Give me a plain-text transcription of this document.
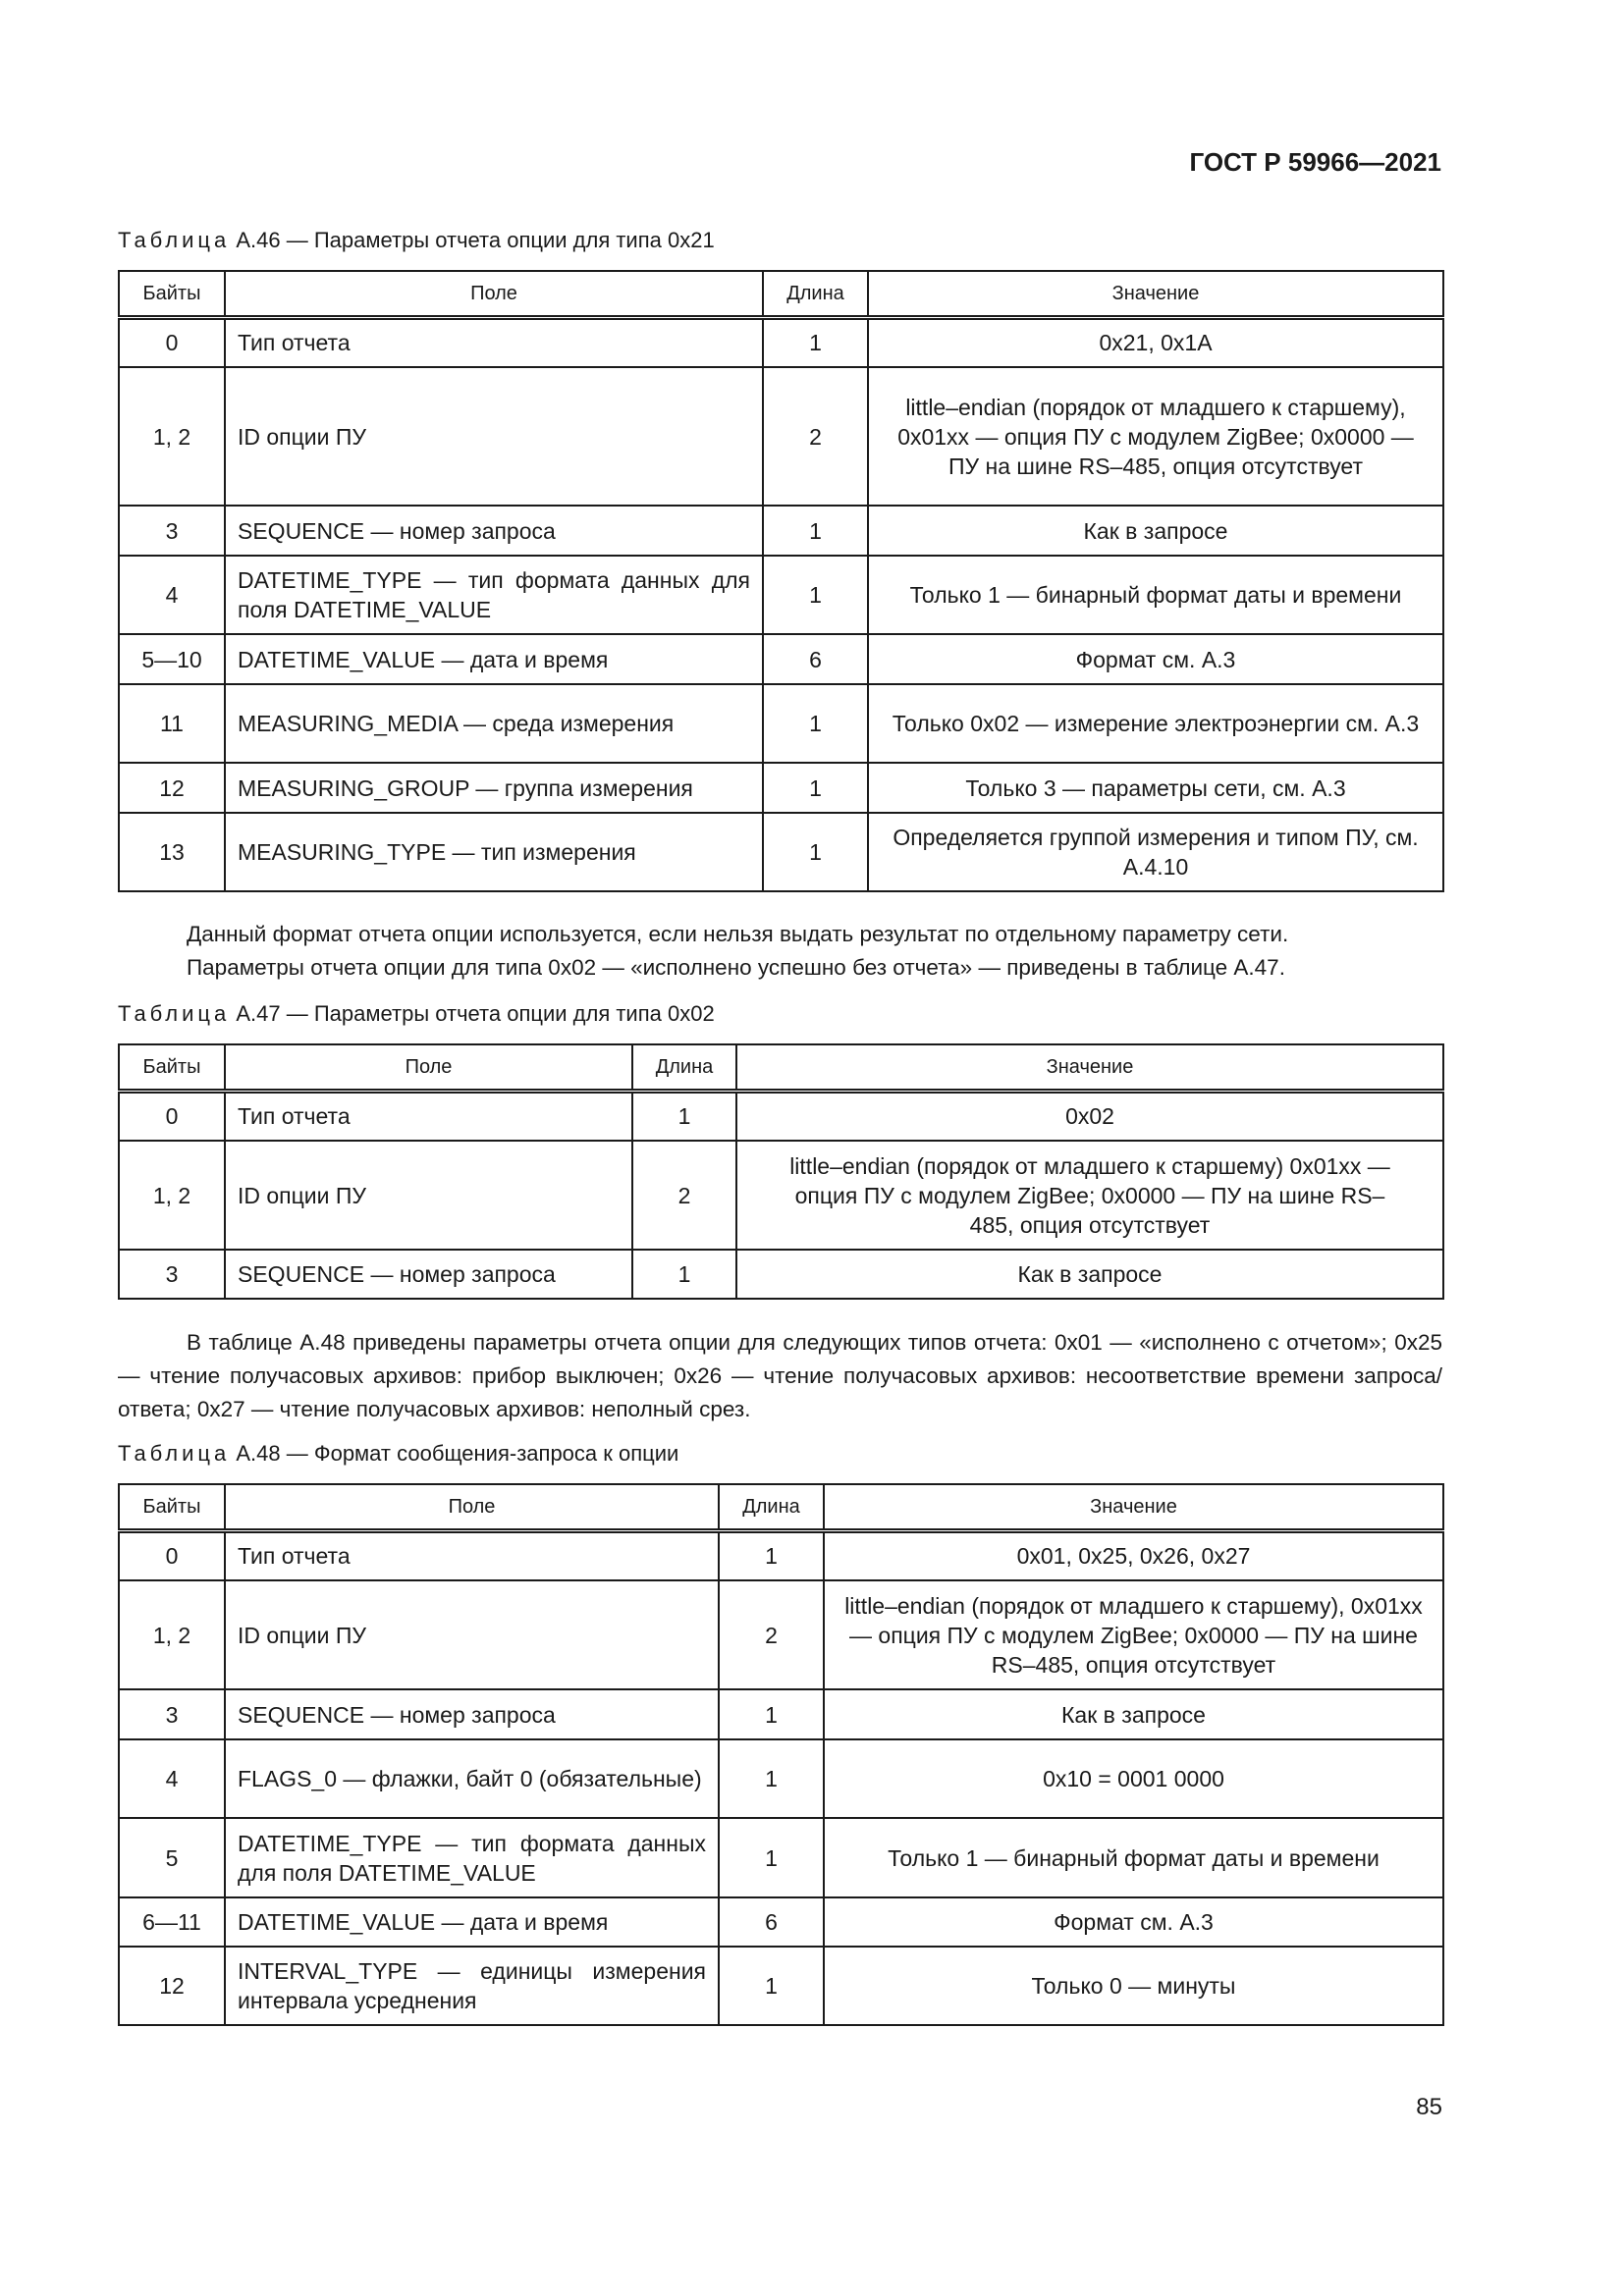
ГОСТ Р 59966—2021
Таблица А.46 — Параметры отчета опции для типа 0x21
Байты	Поле	Длина	Значение
0	Тип отчета	1	0x21, 0x1A
1, 2	ID опции ПУ	2	little–endian (порядок от младшего к старшему), 0x01xx — опция ПУ с модулем ZigBee; 0x0000 — ПУ на шине RS–485, опция отсутствует
3	SEQUENCE — номер запроса	1	Как в запросе
4	DATETIME_TYPE — тип формата данных для поля DATETIME_VALUE	1	Только 1 — бинарный формат даты и времени
5—10	DATETIME_VALUE — дата и время	6	Формат см. А.3
11	MEASURING_MEDIA — среда измерения	1	Только 0x02 — измерение электроэнергии см. А.3
12	MEASURING_GROUP — группа измерения	1	Только 3 — параметры сети, см. А.3
13	MEASURING_TYPE — тип измерения	1	Определяется группой измерения и типом ПУ, см. А.4.10

Данный формат отчета опции используется, если нельзя выдать результат по отдельному параметру сети.

Параметры отчета опции для типа 0x02 — «исполнено успешно без отчета» — приведены в таблице А.47.

Таблица А.47 — Параметры отчета опции для типа 0x02
Байты	Поле	Длина	Значение
0	Тип отчета	1	0x02
1, 2	ID опции ПУ	2	little–endian (порядок от младшего к старшему) 0x01xx — опция ПУ с модулем ZigBee; 0x0000 — ПУ на шине RS–485, опция отсутствует
3	SEQUENCE — номер запроса	1	Как в запросе

В таблице А.48 приведены параметры отчета опции для следующих типов отчета: 0x01 — «исполнено с отчетом»; 0x25 — чтение получасовых архивов: прибор выключен; 0x26 — чтение получасовых архивов: несоответствие времени запроса/ответа; 0x27 — чтение получасовых архивов: неполный срез.

Таблица А.48 — Формат сообщения-запроса к опции
Байты	Поле	Длина	Значение
0	Тип отчета	1	0x01, 0x25, 0x26, 0x27
1, 2	ID опции ПУ	2	little–endian (порядок от младшего к старшему), 0x01xx — опция ПУ с модулем ZigBee; 0x0000 — ПУ на шине RS–485, опция отсутствует
3	SEQUENCE — номер запроса	1	Как в запросе
4	FLAGS_0 — флажки, байт 0 (обязательные)	1	0x10 = 0001 0000
5	DATETIME_TYPE — тип формата данных для поля DATETIME_VALUE	1	Только 1 — бинарный формат даты и времени
6—11	DATETIME_VALUE — дата и время	6	Формат см. А.3
12	INTERVAL_TYPE — единицы измерения интервала усреднения	1	Только 0 — минуты
85
